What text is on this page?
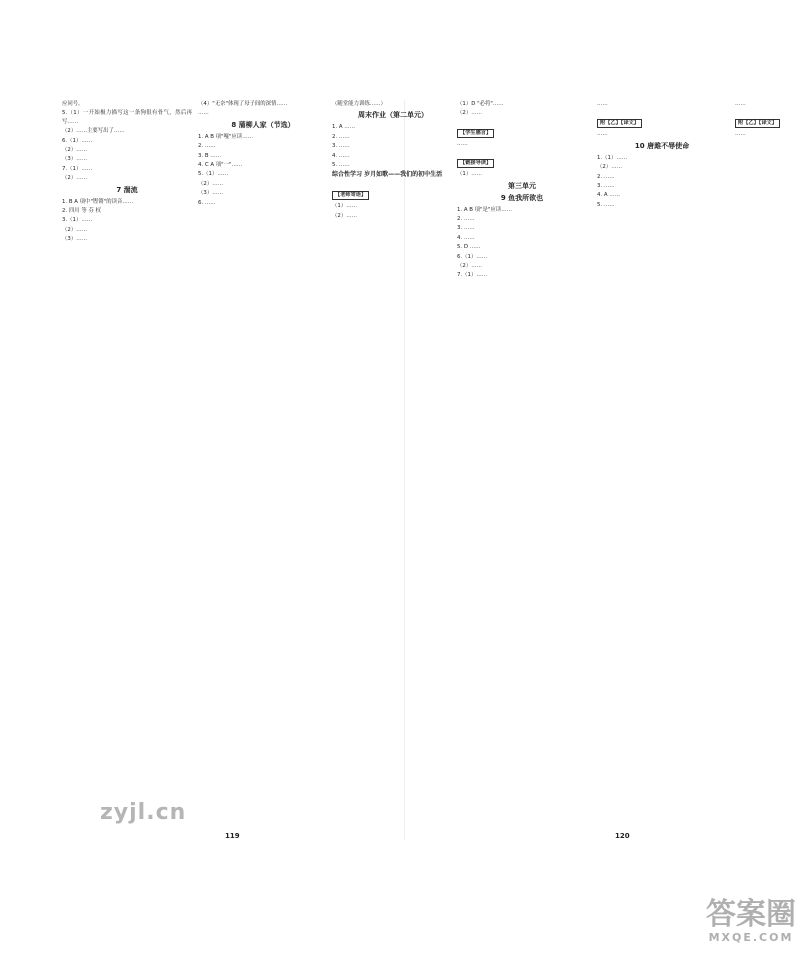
应同号。

5.（1）一开始极力描写这一条狗很有骨气，然后再写……

（2）……主要写出了……

6.（1）……

（2）……

（3）……

7.（1）……

（2）……

7 湍流

1. B A 项中"铿锵"的读音……

2. 四川 等 芬 权

3.（1）……

（2）……

（3）……

（4）"无奈"体现了母子间的深情……

……

8 蒲柳人家（节选）

1. A B 项"嘎"应读……

2. ……

3. B ……

4. C A 项"一"……

5.（1）……

（2）……

（3）……

6. ……

（随堂能力训练……）

周末作业（第二单元）

1. A ……

2. ……

3. ……

4. ……

5. ……

综合性学习 岁月如歌——我们的初中生活
【老师寄语】

（1）……

（2）……

119

（1）D "必将"……

（2）……

【学生感言】

……

【链接导读】

（1）……

第三单元
9 鱼我所欲也

1. A B 项"是"应读……

2. ……

3. ……

4. ……

5. D ……

6.（1）……

（2）……

7.（1）……

……

附【乙】【译文】

……

10 唐雎不辱使命

1.（1）……

（2）……

2. ……

3. ……

4. A ……

5. ……

……

附【乙】【译文】

……

120
zyjl.cn
答案圈
MXQE.COM
